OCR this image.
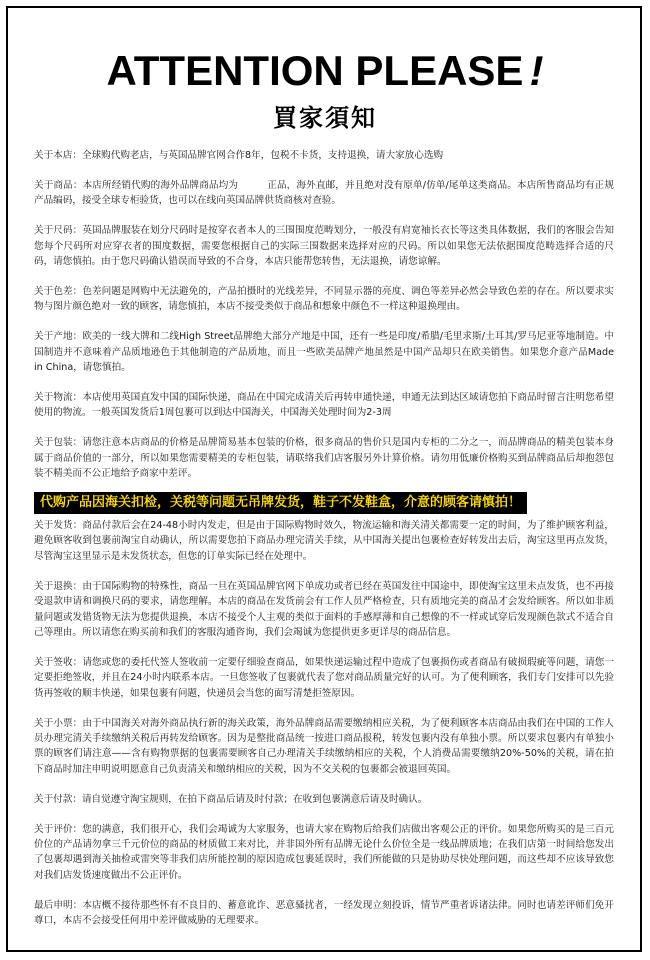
ATTENTION PLEASE !
買家須知

关于本店：全球购代购老店，与英国品牌官网合作8年，包税不卡货，支持退换，请大家放心选购

关于商品：本店所经销代购的海外品牌商品均为　　　正品，海外直邮，并且绝对没有原单/仿单/尾单这类商品。本店所售商品均有正规产品编码，接受全球专柜验货，也可以在线向英国品牌供货商核对查验。

关于尺码：英国品牌服装在划分尺码时是按穿衣者本人的三围围度范畴划分，一般没有肩宽袖长衣长等这类具体数据，我们的客服会告知您每个尺码所对应穿衣者的围度数据，需要您根据自己的实际三围数据来选择对应的尺码。所以如果您无法依据围度范畴选择合适的尺码，请您慎拍。由于您尺码确认错误而导致的不合身，本店只能帮您转售，无法退换，请您谅解。

关于色差：色差问题是网购中无法避免的，产品拍摄时的光线差异，不同显示器的亮度、调色等差异必然会导致色差的存在。所以要求实物与图片颜色绝对一致的顾客，请您慎拍，本店不接受类似于商品和想象中颜色不一样这种退换理由。

关于产地：欧美的一线大牌和二线High Street品牌绝大部分产地是中国，还有一些是印度/希腊/毛里求斯/土耳其/罗马尼亚等地制造。中国制造并不意味着产品质地逊色于其他制造的产品质地，而且一些欧美品牌产地虽然是中国产品却只在欧美销售。如果您介意产品Made in China，请您慎拍。

关于物流：本店使用英国直发中国的国际快递，商品在中国完成清关后再转申通快递，申通无法到达区域请您拍下商品时留言注明您希望使用的物流。一般英国发货后1周包裹可以到达中国海关，中国海关处理时间为2-3周

关于包装：请您注意本店商品的价格是品牌简易基本包装的价格，很多商品的售价只是国内专柜的二分之一，而品牌商品的精美包装本身属于商品价值的一部分，所以如果您需要精美的专柜包装，请联络我们店客服另外计算价格。请勿用低廉价格购买到品牌商品后却抱怨包装不精美而不公正地给予商家中差评。

代购产品因海关扣检，关税等问题无吊牌发货，鞋子不发鞋盒，介意的顾客请慎拍！

关于发货：商品付款后会在24-48小时内发走，但是由于国际购物时效久，物流运输和海关清关都需要一定的时间，为了维护顾客利益，避免顾客收到包裹前淘宝自动确认，所以需要您拍下商品办理完清关手续，从中国海关提出包裹检查好转发出去后，淘宝这里再点发货，尽管淘宝这里显示是未发货状态，但您的订单实际已经在处理中。

关于退换：由于国际购物的特殊性，商品一旦在英国品牌官网下单成功或者已经在英国发往中国途中，即使淘宝这里未点发货，也不再接受退款申请和调换尺码的要求，请您理解。本店的商品在发货前会有工作人员严格检查，只有质地完美的商品才会发给顾客。所以如非质量问题或发错货物无法为您提供退换，本店不接受个人主观的类似于面料的手感厚薄和自己想像的不一样或试穿后发现颜色款式不适合自己等理由。所以请您在购买前和我们的客服沟通咨询，我们会竭诚为您提供更多更详尽的商品信息。

关于签收：请您或您的委托代签人签收前一定要仔细验查商品，如果快递运输过程中造成了包裹损伤或者商品有破损瑕疵等问题，请您一定要拒绝签收，并且在24小时内联系本店。一旦您签收了包裹就代表了您对商品质量完好的认可。为了便利顾客，我们专门安排可以先验货再签收的顺丰快递，如果包裹有问题，快递员会当您的面写清楚拒签原因。

关于小票：由于中国海关对海外商品执行新的海关政策，海外品牌商品需要缴纳相应关税，为了便利顾客本店商品由我们在中国的工作人员办理完清关手续缴纳关税后再转发给顾客。因为是整批商品统一按进口商品报税，转发包裹内没有单独小票。所以要求包裹内有单独小票的顾客们请注意——含有购物票据的包裹需要顾客自己办理清关手续缴纳相应的关税，个人消费品需要缴纳20%-50%的关税，请在拍下商品时加注申明说明愿意自己负责清关和缴纳相应的关税，因为不交关税的包裹都会被退回英国。

关于付款：请自觉遵守淘宝规则，在拍下商品后请及时付款；在收到包裹满意后请及时确认。

关于评价：您的满意，我们很开心，我们会竭诚为大家服务，也请大家在购物后给我们店做出客观公正的评价。如果您所购买的是三百元价位的产品请勿拿三千元价位的商品的材质做工来对比，并非国外所有品牌无论什么价位全是一线品牌质地；在我们店第一时间给您发出了包裹却遇到海关抽检或雷突等非我们店所能控制的原因造成包裹延误时，我们所能做的只是协助尽快处理问题，而这些却不应该导致您对我们店发货速度做出不公正评价。

最后申明：本店概不接待那些怀有不良目的、蓄意讹诈、恶意骚扰者，一经发现立刻投诉，情节严重者诉诸法律。同时也请差评师们免开尊口，本店不会接受任何用中差评做威胁的无理要求。
